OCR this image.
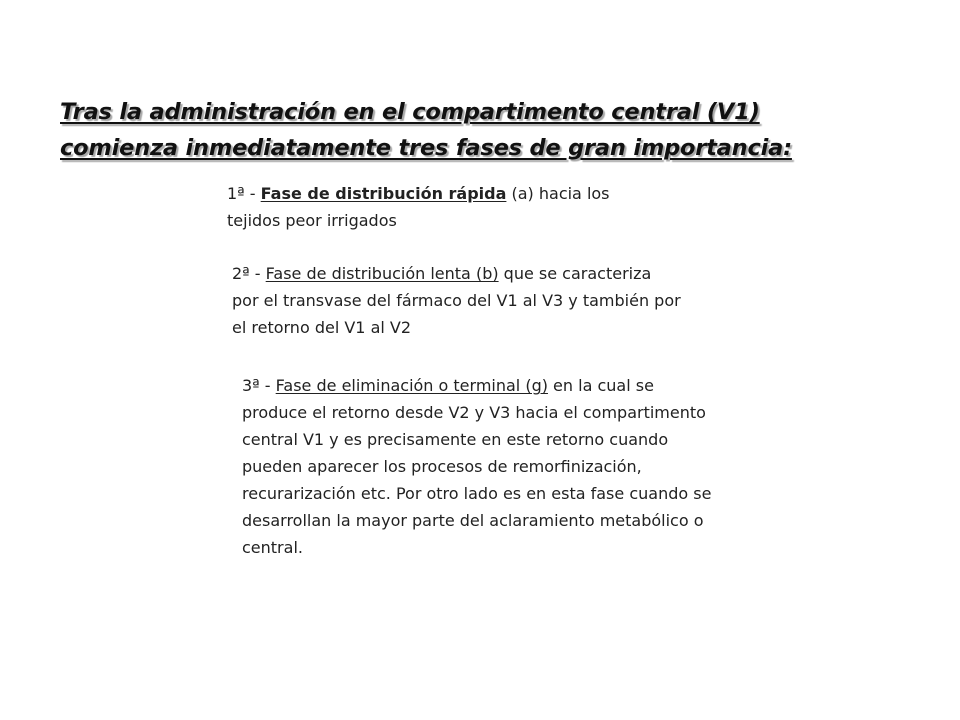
Tras la administración en el compartimento central (V1)
comienza inmediatamente tres fases de gran importancia:

1ª - Fase de distribución rápida (a) hacia los tejidos peor irrigados

2ª - Fase de distribución lenta (b) que se caracteriza por el transvase del fármaco del V1 al V3 y también por el retorno del V1 al V2

3ª - Fase de eliminación o terminal (g) en la cual se produce el retorno desde V2 y V3 hacia el compartimento central V1 y es precisamente en este retorno cuando pueden aparecer los procesos de remorfinización, recurarización etc. Por otro lado es en esta fase cuando se desarrollan la mayor parte del aclaramiento metabólico o central.
